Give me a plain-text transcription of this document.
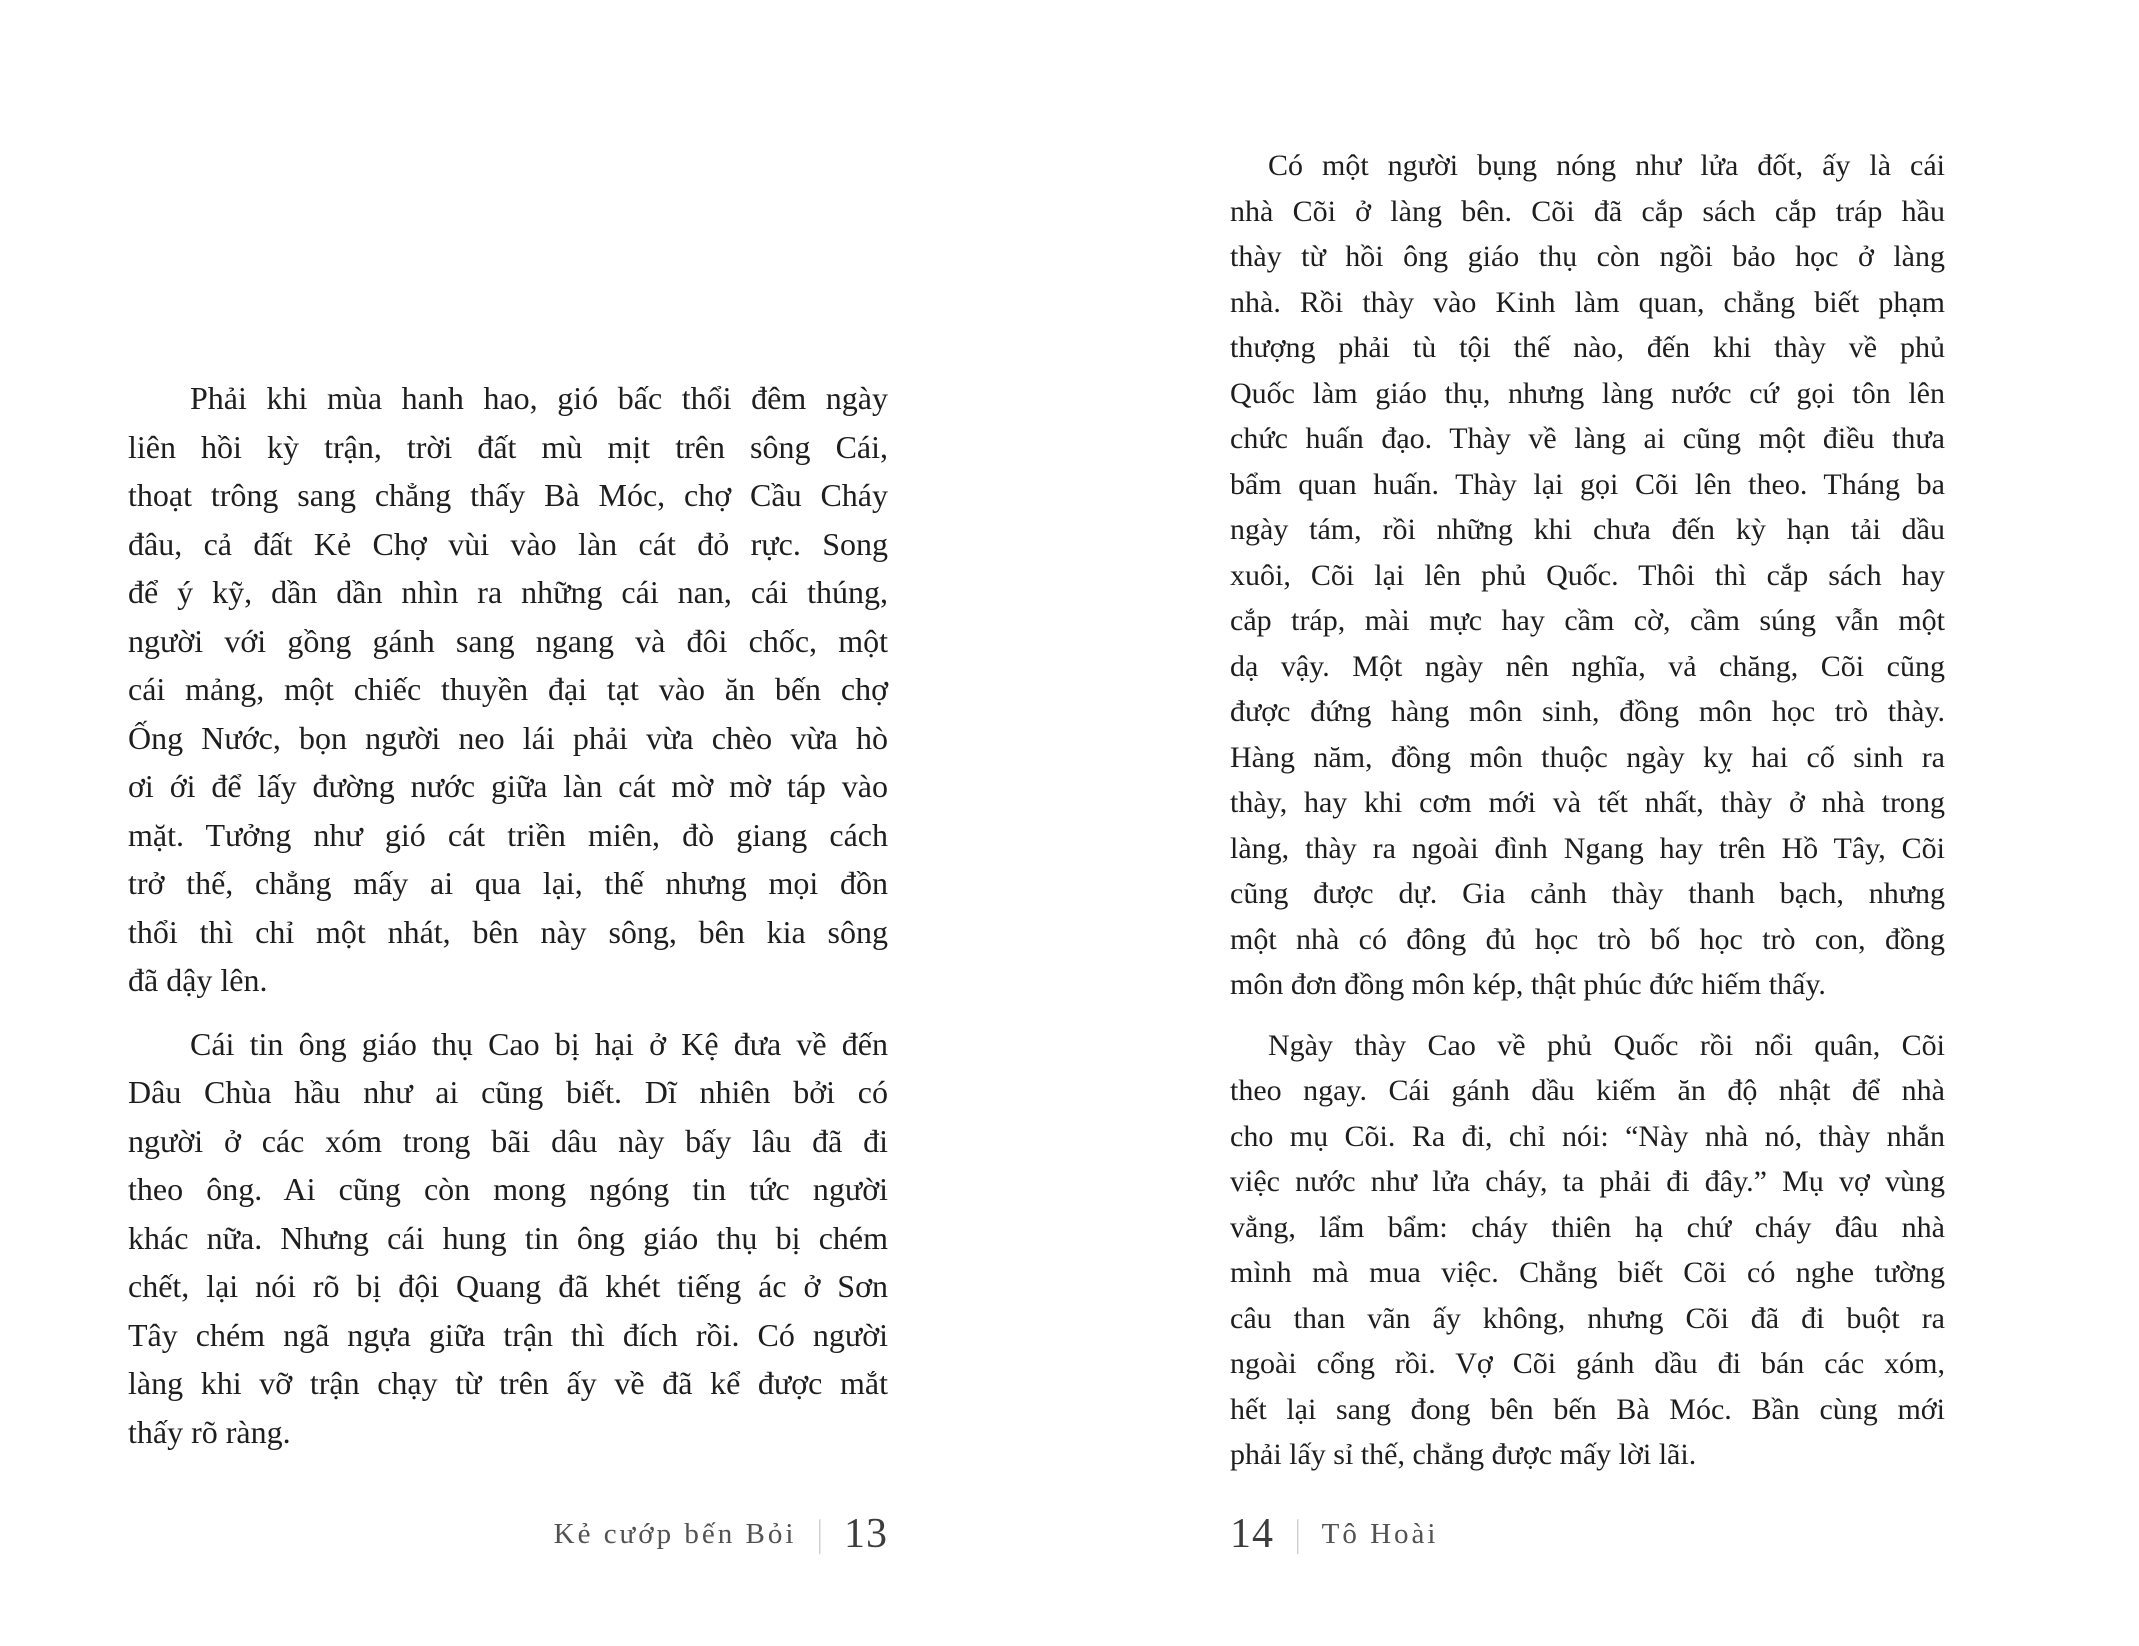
Phải khi mùa hanh hao, gió bấc thổi đêm ngày
liên hồi kỳ trận, trời đất mù mịt trên sông Cái,
thoạt trông sang chẳng thấy Bà Móc, chợ Cầu Cháy
đâu, cả đất Kẻ Chợ vùi vào làn cát đỏ rực. Song
để ý kỹ, dần dần nhìn ra những cái nan, cái thúng,
người với gồng gánh sang ngang và đôi chốc, một
cái mảng, một chiếc thuyền đại tạt vào ăn bến chợ
Ống Nước, bọn người neo lái phải vừa chèo vừa hò
ơi ới để lấy đường nước giữa làn cát mờ mờ táp vào
mặt. Tưởng như gió cát triền miên, đò giang cách
trở thế, chẳng mấy ai qua lại, thế nhưng mọi đồn
thổi thì chỉ một nhát, bên này sông, bên kia sông
đã dậy lên.
Cái tin ông giáo thụ Cao bị hại ở Kệ đưa về đến
Dâu Chùa hầu như ai cũng biết. Dĩ nhiên bởi có
người ở các xóm trong bãi dâu này bấy lâu đã đi
theo ông. Ai cũng còn mong ngóng tin tức người
khác nữa. Nhưng cái hung tin ông giáo thụ bị chém
chết, lại nói rõ bị đội Quang đã khét tiếng ác ở Sơn
Tây chém ngã ngựa giữa trận thì đích rồi. Có người
làng khi vỡ trận chạy từ trên ấy về đã kể được mắt
thấy rõ ràng.
Có một người bụng nóng như lửa đốt, ấy là cái
nhà Cõi ở làng bên. Cõi đã cắp sách cắp tráp hầu
thày từ hồi ông giáo thụ còn ngồi bảo học ở làng
nhà. Rồi thày vào Kinh làm quan, chẳng biết phạm
thượng phải tù tội thế nào, đến khi thày về phủ
Quốc làm giáo thụ, nhưng làng nước cứ gọi tôn lên
chức huấn đạo. Thày về làng ai cũng một điều thưa
bẩm quan huấn. Thày lại gọi Cõi lên theo. Tháng ba
ngày tám, rồi những khi chưa đến kỳ hạn tải dầu
xuôi, Cõi lại lên phủ Quốc. Thôi thì cắp sách hay
cắp tráp, mài mực hay cầm cờ, cầm súng vẫn một
dạ vậy. Một ngày nên nghĩa, vả chăng, Cõi cũng
được đứng hàng môn sinh, đồng môn học trò thày.
Hàng năm, đồng môn thuộc ngày kỵ hai cố sinh ra
thày, hay khi cơm mới và tết nhất, thày ở nhà trong
làng, thày ra ngoài đình Ngang hay trên Hồ Tây, Cõi
cũng được dự. Gia cảnh thày thanh bạch, nhưng
một nhà có đông đủ học trò bố học trò con, đồng
môn đơn đồng môn kép, thật phúc đức hiếm thấy.
Ngày thày Cao về phủ Quốc rồi nổi quân, Cõi
theo ngay. Cái gánh dầu kiếm ăn độ nhật để nhà
cho mụ Cõi. Ra đi, chỉ nói: “Này nhà nó, thày nhắn
việc nước như lửa cháy, ta phải đi đây.” Mụ vợ vùng
vằng, lẩm bẩm: cháy thiên hạ chứ cháy đâu nhà
mình mà mua việc. Chẳng biết Cõi có nghe tường
câu than vãn ấy không, nhưng Cõi đã đi buột ra
ngoài cổng rồi. Vợ Cõi gánh dầu đi bán các xóm,
hết lại sang đong bên bến Bà Móc. Bần cùng mới
phải lấy sỉ thế, chẳng được mấy lời lãi.
Kẻ cướp bến Bỏi | 13	14 | Tô Hoài
